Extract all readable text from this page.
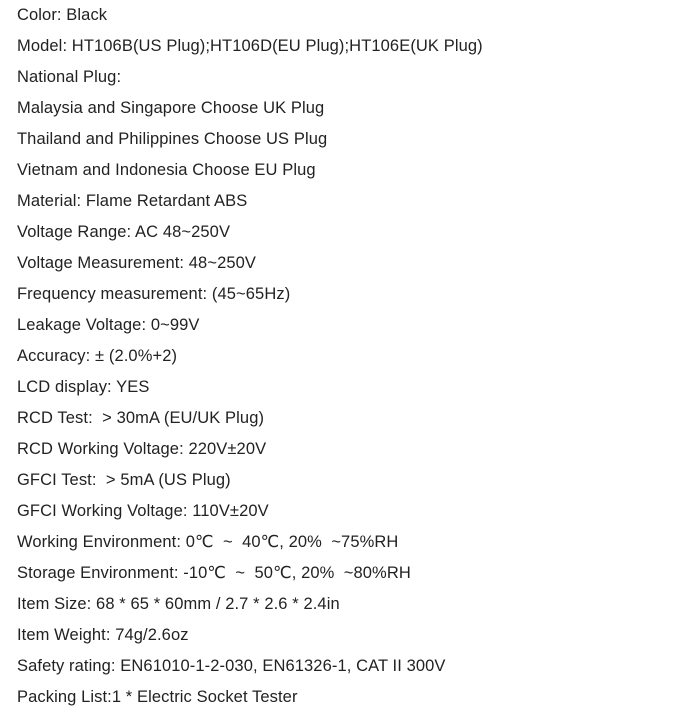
Color: Black
Model: HT106B(US Plug);HT106D(EU Plug);HT106E(UK Plug)
National Plug:
Malaysia and Singapore Choose UK Plug
Thailand and Philippines Choose US Plug
Vietnam and Indonesia Choose EU Plug
Material: Flame Retardant ABS
Voltage Range: AC 48~250V
Voltage Measurement: 48~250V
Frequency measurement: (45~65Hz)
Leakage Voltage: 0~99V
Accuracy: ± (2.0%+2)
LCD display: YES
RCD Test:  > 30mA (EU/UK Plug)
RCD Working Voltage: 220V±20V
GFCI Test:  > 5mA (US Plug)
GFCI Working Voltage: 110V±20V
Working Environment: 0℃  ~  40℃, 20%  ~75%RH
Storage Environment: -10℃  ~  50℃, 20%  ~80%RH
Item Size: 68 * 65 * 60mm / 2.7 * 2.6 * 2.4in
Item Weight: 74g/2.6oz
Safety rating: EN61010-1-2-030, EN61326-1, CAT II 300V
Packing List:1 * Electric Socket Tester
